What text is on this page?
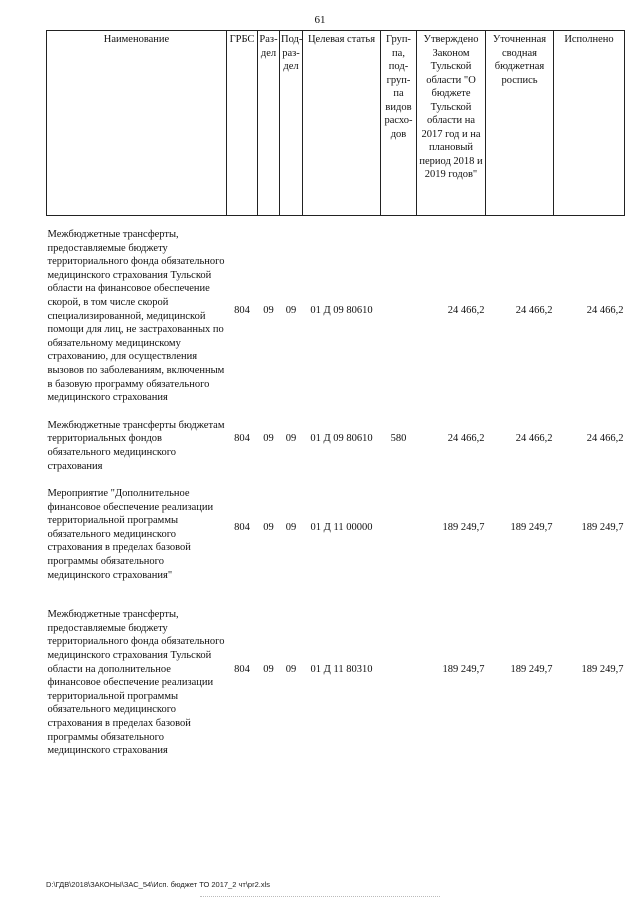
61
Наименование	ГРБС	Раз-дел	Под-раз-дел	Целевая статья	Груп-па, под-груп-па видов расхо-дов	Утверждено Законом Тульской области "О бюджете Тульской области на 2017 год и на плановый период 2018 и 2019 годов"	Уточненная сводная бюджетная роспись	Исполнено
Межбюджетные трансферты, предоставляемые бюджету территориального фонда обязательного медицинского страхования Тульской области на финансовое обеспечение скорой, в том числе скорой специализированной, медицинской помощи для лиц, не застрахованных по обязательному медицинскому страхованию, для осуществления вызовов по заболеваниям, включенным в базовую программу обязательного медицинского страхования	804	09	09	01 Д 09 80610		24 466,2	24 466,2	24 466,2
Межбюджетные трансферты бюджетам территориальных фондов обязательного медицинского страхования	804	09	09	01 Д 09 80610	580	24 466,2	24 466,2	24 466,2
Мероприятие "Дополнительное финансовое обеспечение реализации территориальной программы обязательного медицинского страхования в пределах базовой программы обязательного медицинского страхования"	804	09	09	01 Д 11 00000		189 249,7	189 249,7	189 249,7
Межбюджетные трансферты, предоставляемые бюджету территориального фонда обязательного медицинского страхования Тульской области на дополнительное финансовое обеспечение реализации территориальной программы обязательного медицинского страхования в пределах базовой программы обязательного медицинского страхования	804	09	09	01 Д 11 80310		189 249,7	189 249,7	189 249,7
D:\ГДВ\2018\ЗАКОНЫ\ЗАС_54\Исп. бюджет ТО 2017_2 чт\pr2.xls
